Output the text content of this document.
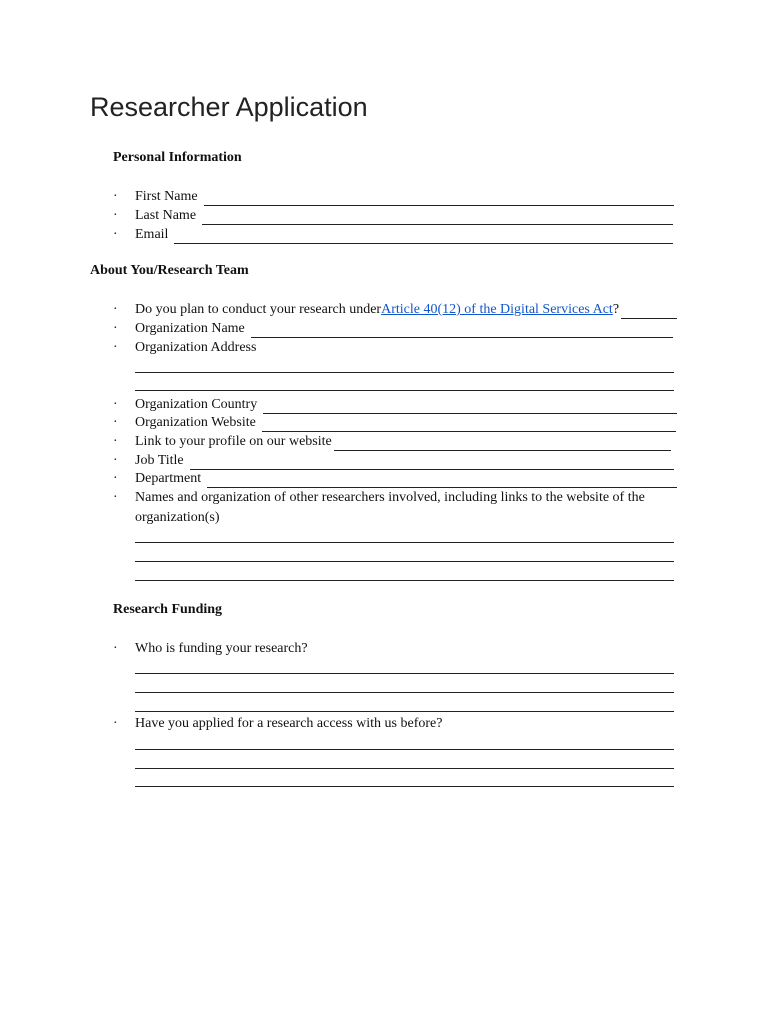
Researcher Application
Personal Information
·	First Name
·	Last Name
·	Email
About You/Research Team
·	Do you plan to conduct your research under Article 40(12) of the Digital Services Act ?
·	Organization Name
·	Organization Address
·	Organization Country
·	Organization Website
·	Link to your profile on our website
·	Job Title
·	Department
·	Names and organization of other researchers involved, including links to the website of the
organization(s)
Research Funding
·	Who is funding your research?
·	Have you applied for a research access with us before?
